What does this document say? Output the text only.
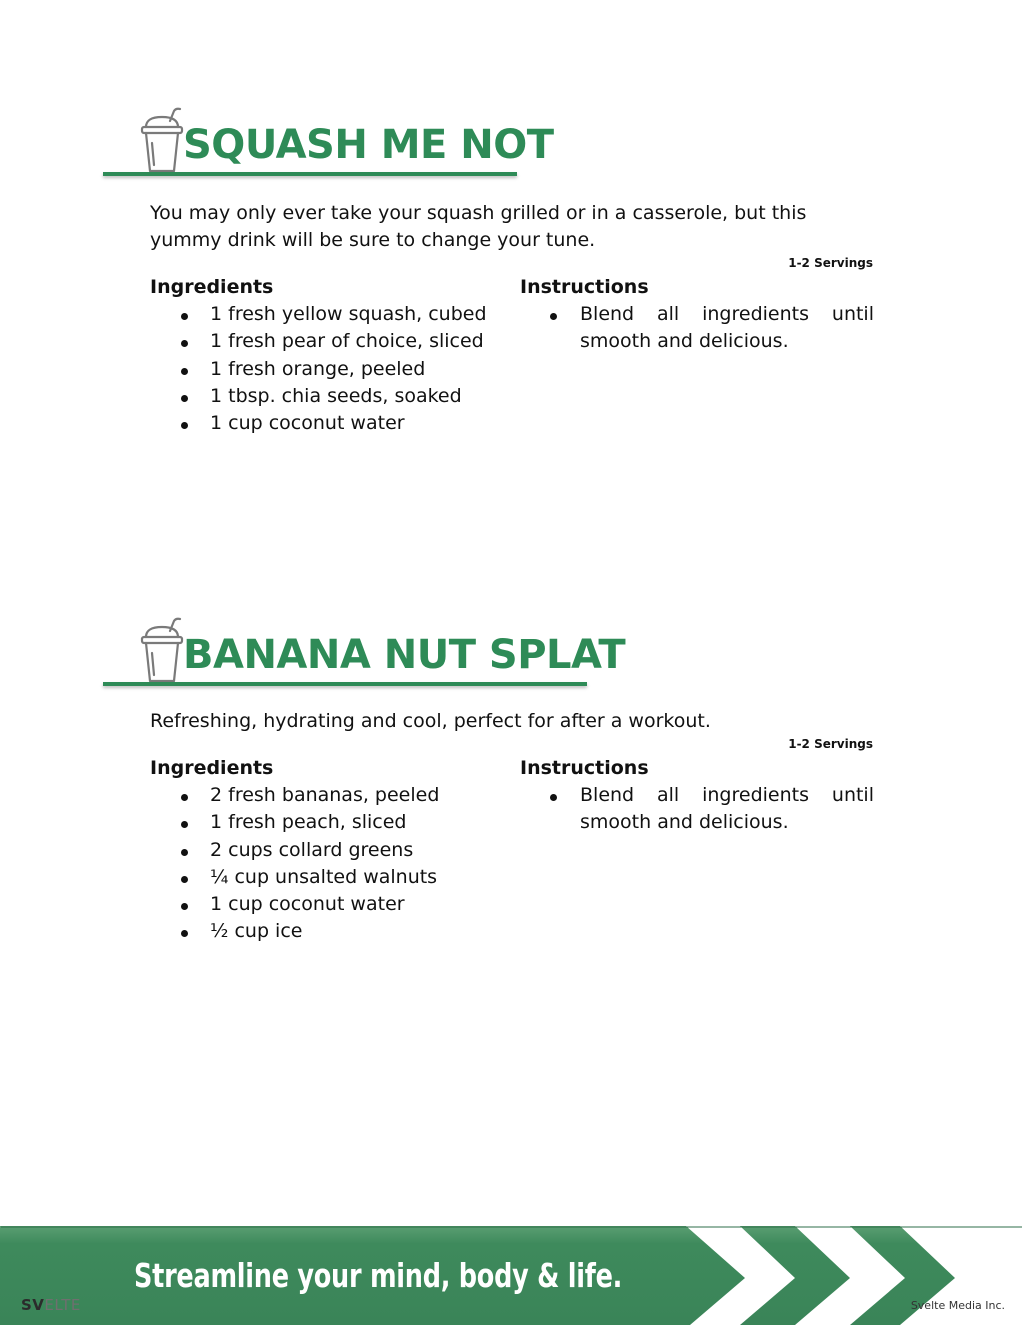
SQUASH ME NOT

You may only ever take your squash grilled or in a casserole, but this yummy drink will be sure to change your tune.

1-2 Servings
Ingredients
1 fresh yellow squash, cubed
1 fresh pear of choice, sliced
1 fresh orange, peeled
1 tbsp. chia seeds, soaked
1 cup coconut water
Instructions
Blend all ingredients until smooth and delicious.
BANANA NUT SPLAT

Refreshing, hydrating and cool, perfect for after a workout.

1-2 Servings
Ingredients
2 fresh bananas, peeled
1 fresh peach, sliced
2 cups collard greens
¼ cup unsalted walnuts
1 cup coconut water
½ cup ice
Instructions
Blend all ingredients until smooth and delicious.

Streamline your mind, body & life.

SVELTE	Svelte Media Inc.
